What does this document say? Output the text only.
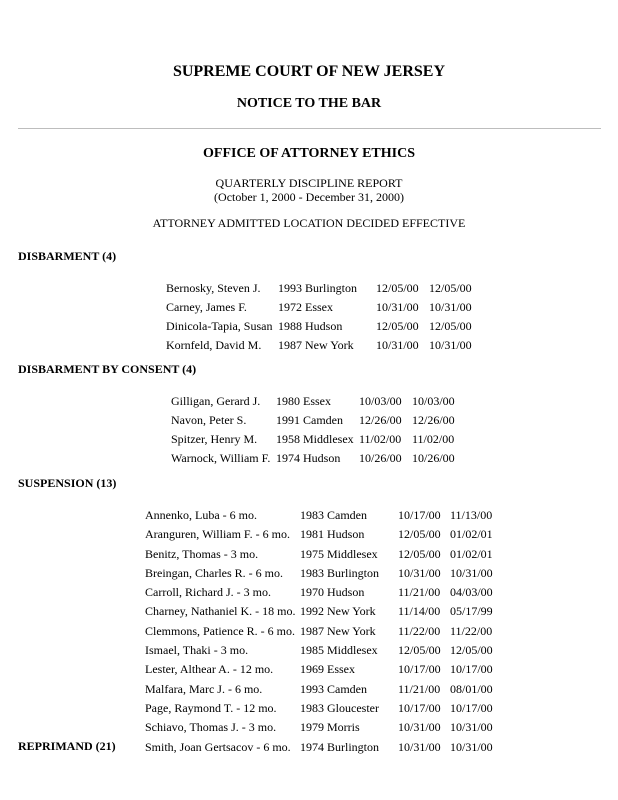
SUPREME COURT OF NEW JERSEY
NOTICE TO THE BAR
OFFICE OF ATTORNEY ETHICS
QUARTERLY DISCIPLINE REPORT
(October 1, 2000 - December 31, 2000)
ATTORNEY ADMITTED LOCATION DECIDED EFFECTIVE
DISBARMENT (4)
Bernosky, Steven J.	1993 Burlington	12/05/00 12/05/00
Carney, James F.	1972 Essex	10/31/00 10/31/00
Dinicola-Tapia, Susan 1988 Hudson	12/05/00 12/05/00
Kornfeld, David M.	1987 New York	10/31/00 10/31/00
DISBARMENT BY CONSENT (4)
Gilligan, Gerard J.	1980 Essex	10/03/00 10/03/00
Navon, Peter S.	1991 Camden	12/26/00 12/26/00
Spitzer, Henry M.	1958 Middlesex 11/02/00 11/02/00
Warnock, William F. 1974 Hudson	10/26/00 10/26/00
SUSPENSION (13)
Annenko, Luba - 6 mo.	1983 Camden	10/17/00 11/13/00
Aranguren, William F. - 6 mo. 1981 Hudson	12/05/00 01/02/01
Benitz, Thomas - 3 mo.	1975 Middlesex	12/05/00 01/02/01
Breingan, Charles R. - 6 mo.	1983 Burlington	10/31/00 10/31/00
Carroll, Richard J. - 3 mo.	1970 Hudson	11/21/00 04/03/00
Charney, Nathaniel K. - 18 mo. 1992 New York	11/14/00 05/17/99
Clemmons, Patience R. - 6 mo. 1987 New York	11/22/00 11/22/00
Ismael, Thaki - 3 mo.	1985 Middlesex	12/05/00 12/05/00
Lester, Althear A. - 12 mo.	1969 Essex	10/17/00 10/17/00
Malfara, Marc J. - 6 mo.	1993 Camden	11/21/00 08/01/00
Page, Raymond T. - 12 mo.	1983 Gloucester	10/17/00 10/17/00
Schiavo, Thomas J. - 3 mo.	1979 Morris	10/31/00 10/31/00
Smith, Joan Gertsacov - 6 mo. 1974 Burlington	10/31/00 10/31/00
REPRIMAND (21)
